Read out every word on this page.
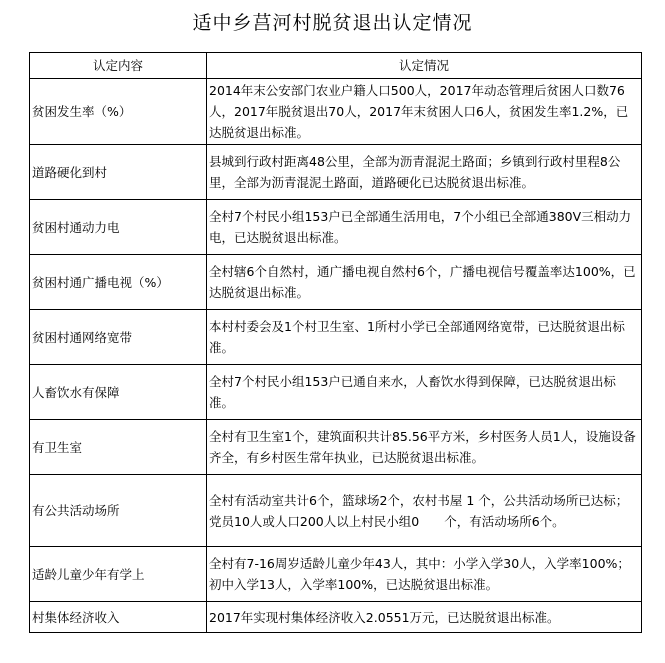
适中乡莒河村脱贫退出认定情况
认定内容	认定情况
贫困发生率（%）	2014年末公安部门农业户籍人口500人，2017年动态管理后贫困人口数76人，2017年脱贫退出70人，2017年末贫困人口6人，贫困发生率1.2%，已达脱贫退出标准。
道路硬化到村	县城到行政村距离48公里，全部为沥青混泥土路面；乡镇到行政村里程8公里，全部为沥青混泥土路面，道路硬化已达脱贫退出标准。
贫困村通动力电	全村7个村民小组153户已全部通生活用电，7个小组已全部通380V三相动力电，已达脱贫退出标准。
贫困村通广播电视（%）	全村辖6个自然村，通广播电视自然村6个，广播电视信号覆盖率达100%，已达脱贫退出标准。
贫困村通网络宽带	本村村委会及1个村卫生室、1所村小学已全部通网络宽带，已达脱贫退出标准。
人畜饮水有保障	全村7个村民小组153户已通自来水，人畜饮水得到保障，已达脱贫退出标准。
有卫生室	全村有卫生室1个，建筑面积共计85.56平方米，乡村医务人员1人，设施设备齐全，有乡村医生常年执业，已达脱贫退出标准。
有公共活动场所	全村有活动室共计6个，篮球场2个，农村书屋 1 个，公共活动场所已达标；党员10人或人口200人以上村民小组0　　个，有活动场所6个。
适龄儿童少年有学上	全村有7-16周岁适龄儿童少年43人，其中：小学入学30人，入学率100%；初中入学13人，入学率100%，已达脱贫退出标准。
村集体经济收入	2017年实现村集体经济收入2.0551万元，已达脱贫退出标准。
